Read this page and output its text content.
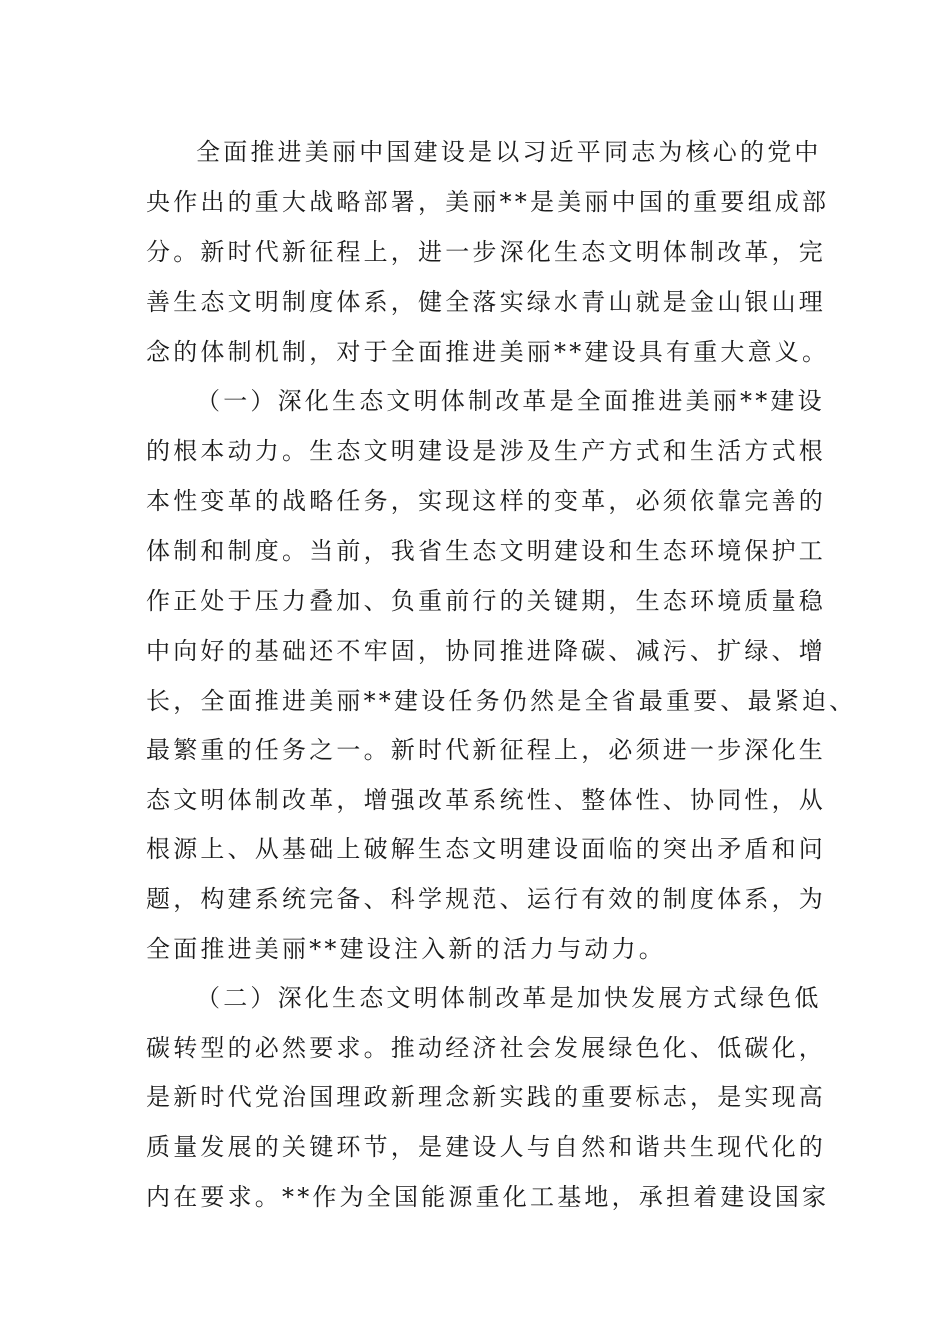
全面推进美丽中国建设是以习近平同志为核心的党中
央作出的重大战略部署，美丽**是美丽中国的重要组成部
分。新时代新征程上，进一步深化生态文明体制改革，完
善生态文明制度体系，健全落实绿水青山就是金山银山理
念的体制机制，对于全面推进美丽**建设具有重大意义。
（一）深化生态文明体制改革是全面推进美丽**建设
的根本动力。生态文明建设是涉及生产方式和生活方式根
本性变革的战略任务，实现这样的变革，必须依靠完善的
体制和制度。当前，我省生态文明建设和生态环境保护工
作正处于压力叠加、负重前行的关键期，生态环境质量稳
中向好的基础还不牢固，协同推进降碳、减污、扩绿、增
长，全面推进美丽**建设任务仍然是全省最重要、最紧迫、
最繁重的任务之一。新时代新征程上，必须进一步深化生
态文明体制改革，增强改革系统性、整体性、协同性，从
根源上、从基础上破解生态文明建设面临的突出矛盾和问
题，构建系统完备、科学规范、运行有效的制度体系，为
全面推进美丽**建设注入新的活力与动力。
（二）深化生态文明体制改革是加快发展方式绿色低
碳转型的必然要求。推动经济社会发展绿色化、低碳化，
是新时代党治国理政新理念新实践的重要标志，是实现高
质量发展的关键环节，是建设人与自然和谐共生现代化的
内在要求。**作为全国能源重化工基地，承担着建设国家
